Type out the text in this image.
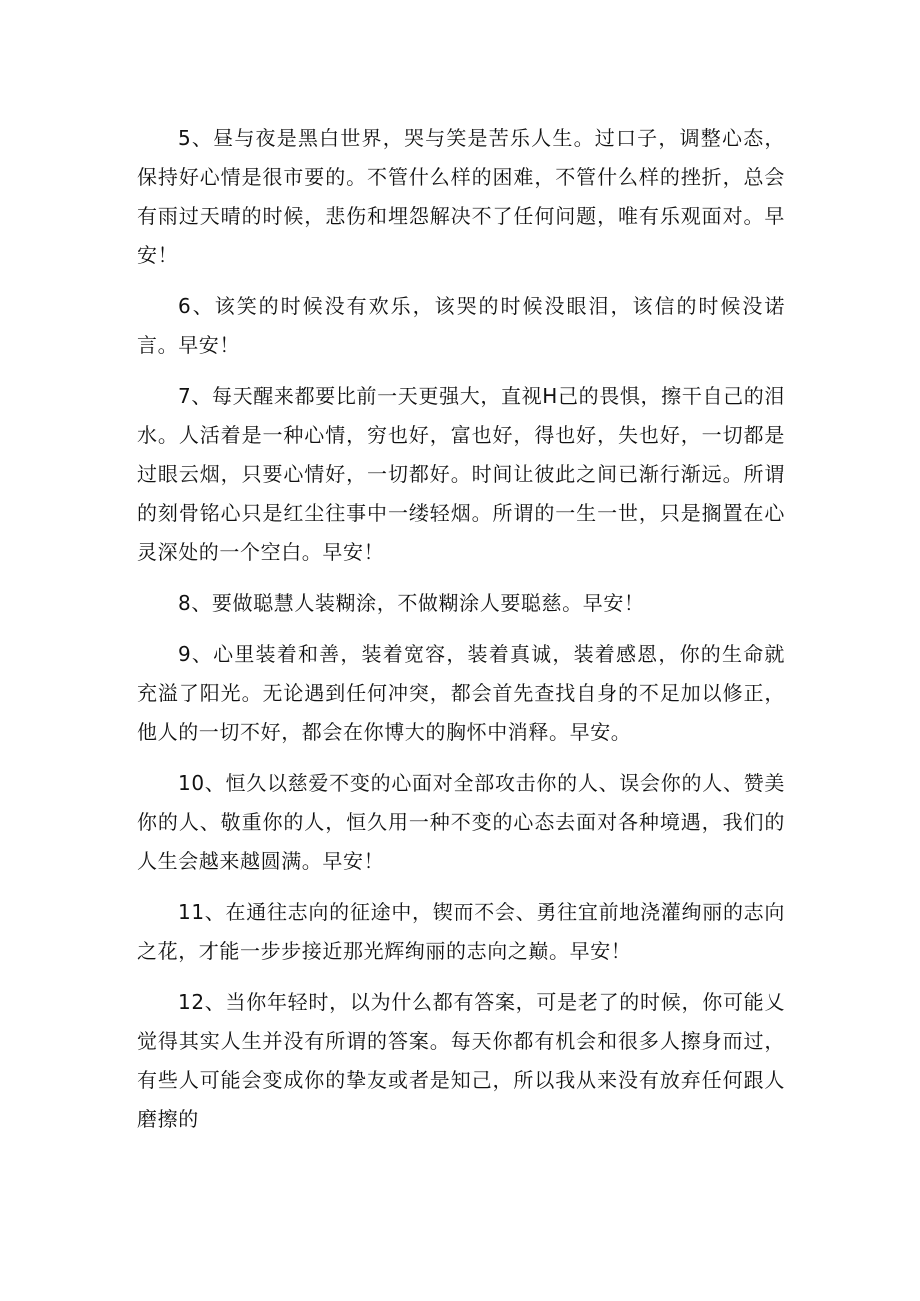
5、昼与夜是黑白世界，哭与笑是苦乐人生。过口子，调整心态，保持好心情是很市要的。不管什么样的困难，不管什么样的挫折，总会有雨过天晴的时候，悲伤和埋怨解决不了任何问题，唯有乐观面对。早安！

6、该笑的时候没有欢乐，该哭的时候没眼泪，该信的时候没诺言。早安！

7、每天醒来都要比前一天更强大，直视H己的畏惧，擦干自己的泪水。人活着是一种心情，穷也好，富也好，得也好，失也好，一切都是过眼云烟，只要心情好，一切都好。时间让彼此之间已渐行渐远。所谓的刻骨铭心只是红尘往事中一缕轻烟。所谓的一生一世，只是搁置在心灵深处的一个空白。早安！

8、要做聪慧人装糊涂，不做糊涂人要聪慈。早安！

9、心里装着和善，装着宽容，装着真诚，装着感恩，你的生命就充溢了阳光。无论遇到任何冲突，都会首先查找自身的不足加以修正，他人的一切不好，都会在你博大的胸怀中消释。早安。

10、恒久以慈爱不变的心面对全部攻击你的人、误会你的人、赞美你的人、敬重你的人，恒久用一种不变的心态去面对各种境遇，我们的人生会越来越圆满。早安！

11、在通往志向的征途中，锲而不会、勇往宜前地浇灌绚丽的志向之花，才能一步步接近那光辉绚丽的志向之巅。早安！

12、当你年轻时，以为什么都有答案，可是老了的时候，你可能乂觉得其实人生并没有所谓的答案。每天你都有机会和很多人擦身而过，有些人可能会变成你的挚友或者是知己，所以我从来没有放弃任何跟人磨擦的
